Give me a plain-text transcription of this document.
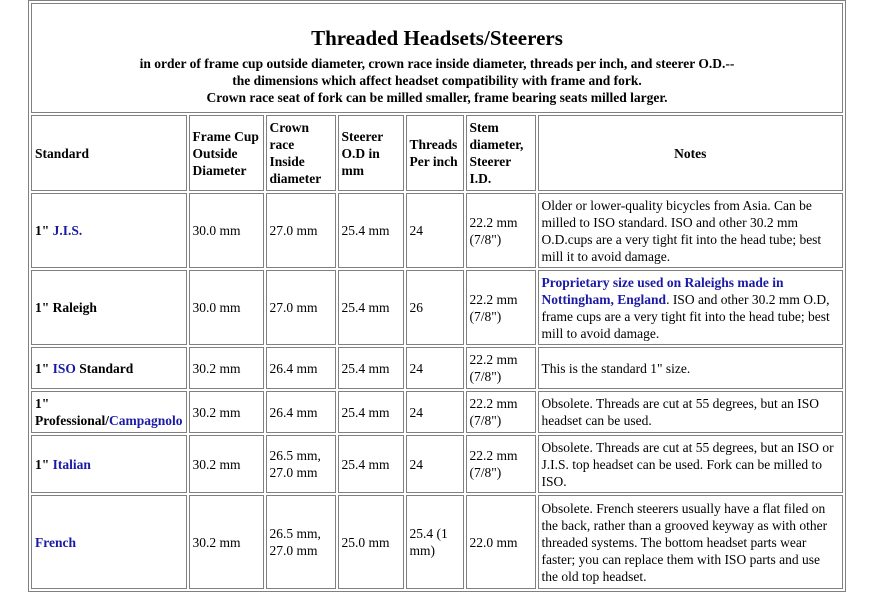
Threaded Headsets/Steerers
in order of frame cup outside diameter, crown race inside diameter, threads per inch, and steerer O.D.--
the dimensions which affect headset compatibility with frame and fork.
Crown race seat of fork can be milled smaller, frame bearing seats milled larger.						

Standard	Frame Cup Outside Diameter	Crown race Inside diameter	Steerer O.D in mm	Threads Per inch	Stem diameter, Steerer I.D.	Notes
1" J.I.S.	30.0 mm	27.0 mm	25.4 mm	24	22.2 mm (7/8")	Older or lower-quality bicycles from Asia. Can be milled to ISO standard. ISO and other 30.2 mm O.D.cups are a very tight fit into the head tube; best mill it to avoid damage.
1" Raleigh	30.0 mm	27.0 mm	25.4 mm	26	22.2 mm (7/8")	Proprietary size used on Raleighs made in Nottingham, England. ISO and other 30.2 mm O.D, frame cups are a very tight fit into the head tube; best mill to avoid damage.
1" ISO Standard	30.2 mm	26.4 mm	25.4 mm	24	22.2 mm (7/8")	This is the standard 1" size.
1" Professional/Campagnolo	30.2 mm	26.4 mm	25.4 mm	24	22.2 mm (7/8")	Obsolete. Threads are cut at 55 degrees, but an ISO headset can be used.
1" Italian	30.2 mm	26.5 mm, 27.0 mm	25.4 mm	24	22.2 mm (7/8")	Obsolete. Threads are cut at 55 degrees, but an ISO or J.I.S. top headset can be used. Fork can be milled to ISO.
French	30.2 mm	26.5 mm, 27.0 mm	25.0 mm	25.4 (1 mm)	22.0 mm	Obsolete. French steerers usually have a flat filed on the back, rather than a grooved keyway as with other threaded systems. The bottom headset parts wear faster; you can replace them with ISO parts and use the old top headset.
